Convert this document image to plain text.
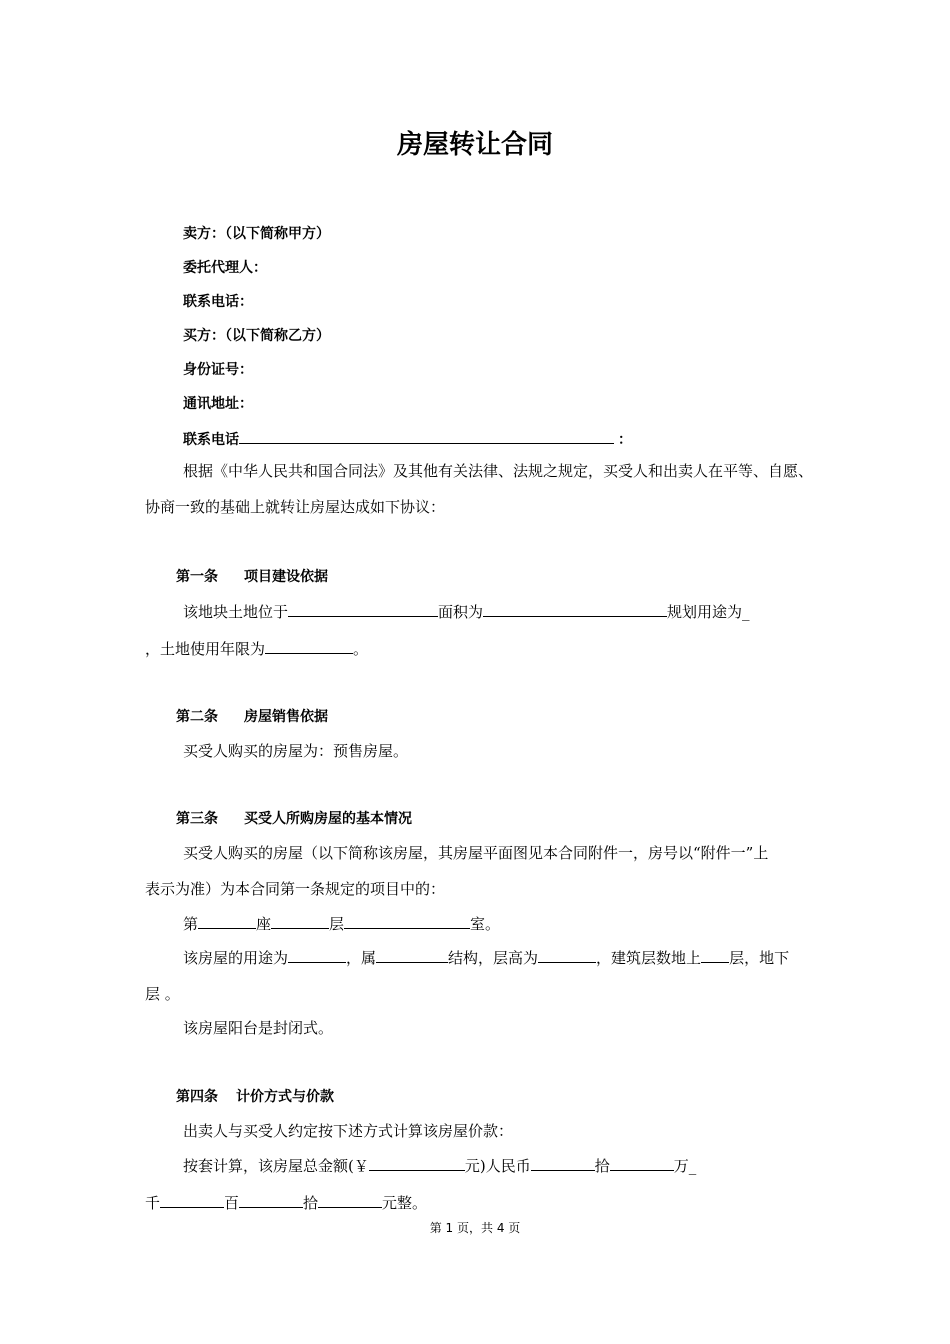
房屋转让合同
卖方：（以下简称甲方）
委托代理人：
联系电话：
买方：（以下简称乙方）
身份证号：
通讯地址：
联系电话	：
根据《中华人民共和国合同法》及其他有关法律、法规之规定，买受人和出卖人在平等、自愿、
协商一致的基础上就转让房屋达成如下协议：
第一条 项目建设依据
该地块土地位于	面积为	规划用途为_
，土地使用年限为	。
第二条 房屋销售依据
买受人购买的房屋为：预售房屋。
第三条 买受人所购房屋的基本情况
买受人购买的房屋（以下简称该房屋，其房屋平面图见本合同附件一，房号以“附件一”上
表示为准）为本合同第一条规定的项目中的：
第	座	层	室。
该房屋的用途为	，属	结构，层高为	，建筑层数地上 层，地下
层 。
该房屋阳台是封闭式。
第四条 计价方式与价款
出卖人与买受人约定按下述方式计算该房屋价款：
按套计算，该房屋总金额(￥	元)人民币	拾	万_
千	百	拾	元整。
第 1 页，共 4 页
